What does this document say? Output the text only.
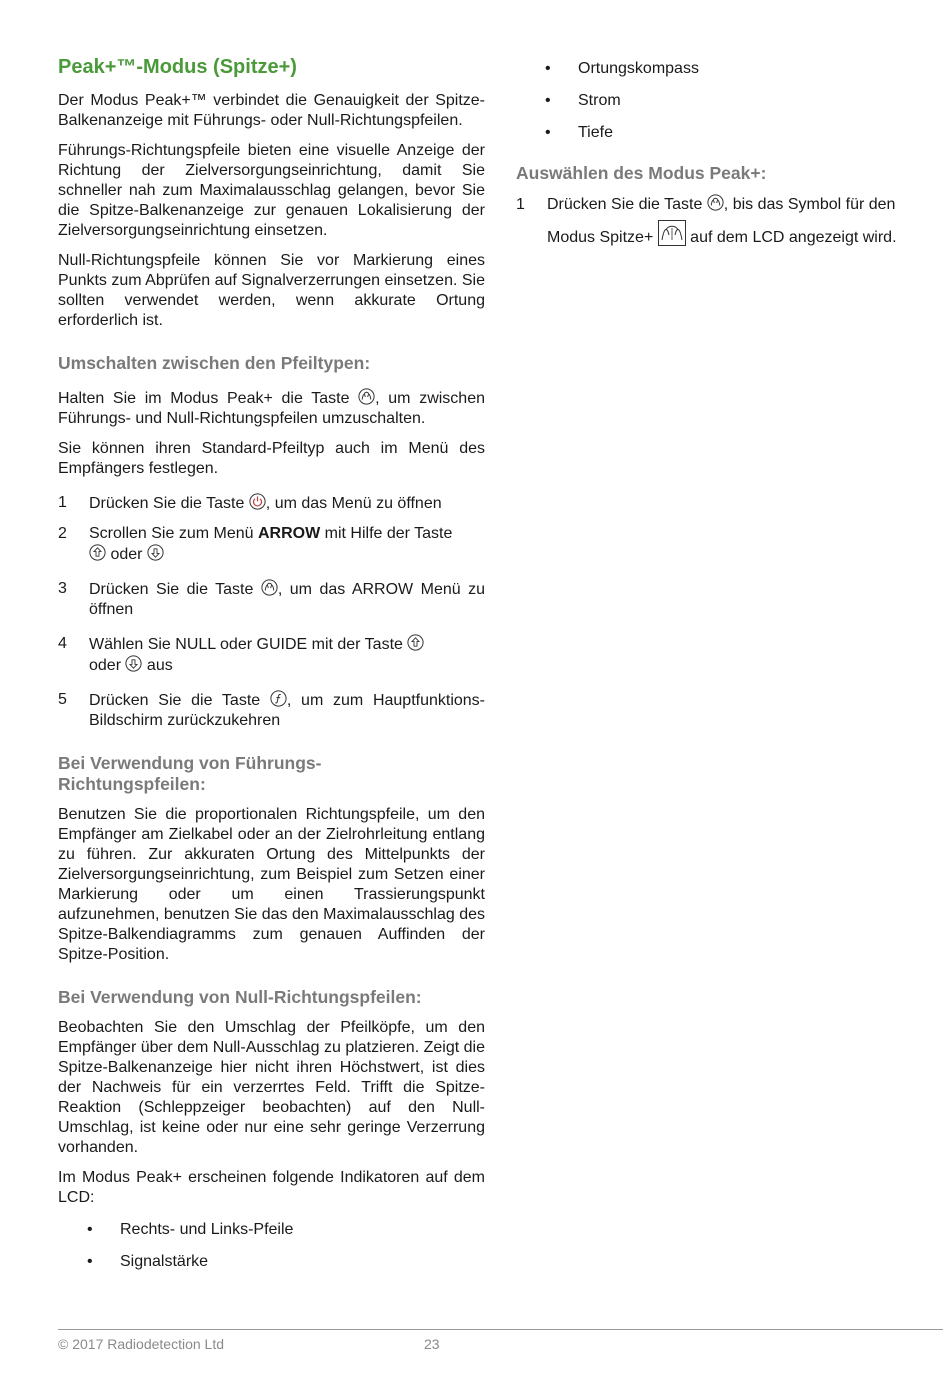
Peak+™-Modus (Spitze+)

Der Modus Peak+™ verbindet die Genauigkeit der Spitze-Balkenanzeige mit Führungs- oder Null-Richtungspfeilen.

Führungs-Richtungspfeile bieten eine visuelle Anzeige der Richtung der Zielversorgungseinrichtung, damit Sie schneller nah zum Maximalausschlag gelangen, bevor Sie die Spitze-Balkenanzeige zur genauen Lokalisierung der Zielversorgungseinrichtung einsetzen.

Null-Richtungspfeile können Sie vor Markierung eines Punkts zum Abprüfen auf Signalverzerrungen einsetzen. Sie sollten verwendet werden, wenn akkurate Ortung erforderlich ist.

Umschalten zwischen den Pfeiltypen:

Halten Sie im Modus Peak+ die Taste
, um zwischen Führungs- und Null-Richtungspfeilen umzuschalten.

Sie können ihren Standard-Pfeiltyp auch im Menü des Empfängers festlegen.

1	Drücken Sie die Taste
, um das Menü zu öffnen
2	Scrollen Sie zum Menü ARROW mit Hilfe der Taste

oder
3	Drücken Sie die Taste
, um das ARROW Menü zu öffnen
4	Wählen Sie NULL oder GUIDE mit der Taste

oder
aus
5	Drücken Sie die Taste
, um zum Hauptfunktions-Bildschirm zurückzukehren
Bei Verwendung von Führungs-
Richtungspfeilen:

Benutzen Sie die proportionalen Richtungspfeile, um den Empfänger am Zielkabel oder an der Zielrohrleitung entlang zu führen. Zur akkuraten Ortung des Mittelpunkts der Zielversorgungseinrichtung, zum Beispiel zum Setzen einer Markierung oder um einen Trassierungspunkt aufzunehmen, benutzen Sie das den Maximalausschlag des Spitze-Balkendiagramms zum genauen Auffinden der Spitze-Position.

Bei Verwendung von Null-Richtungspfeilen:

Beobachten Sie den Umschlag der Pfeilköpfe, um den Empfänger über dem Null-Ausschlag zu platzieren. Zeigt die Spitze-Balkenanzeige hier nicht ihren Höchstwert, ist dies der Nachweis für ein verzerrtes Feld. Trifft die Spitze-Reaktion (Schleppzeiger beobachten) auf den Null- Umschlag, ist keine oder nur eine sehr geringe Verzerrung vorhanden.

Im Modus Peak+ erscheinen folgende Indikatoren auf dem LCD:

•	Rechts- und Links-Pfeile
•	Signalstärke
•	Ortungskompass
•	Strom
•	Tiefe
Auswählen des Modus Peak+:
1	Drücken Sie die Taste
, bis das Symbol für den
Modus Spitze+  auf dem LCD angezeigt wird.
© 2017 Radiodetection Ltd	23
